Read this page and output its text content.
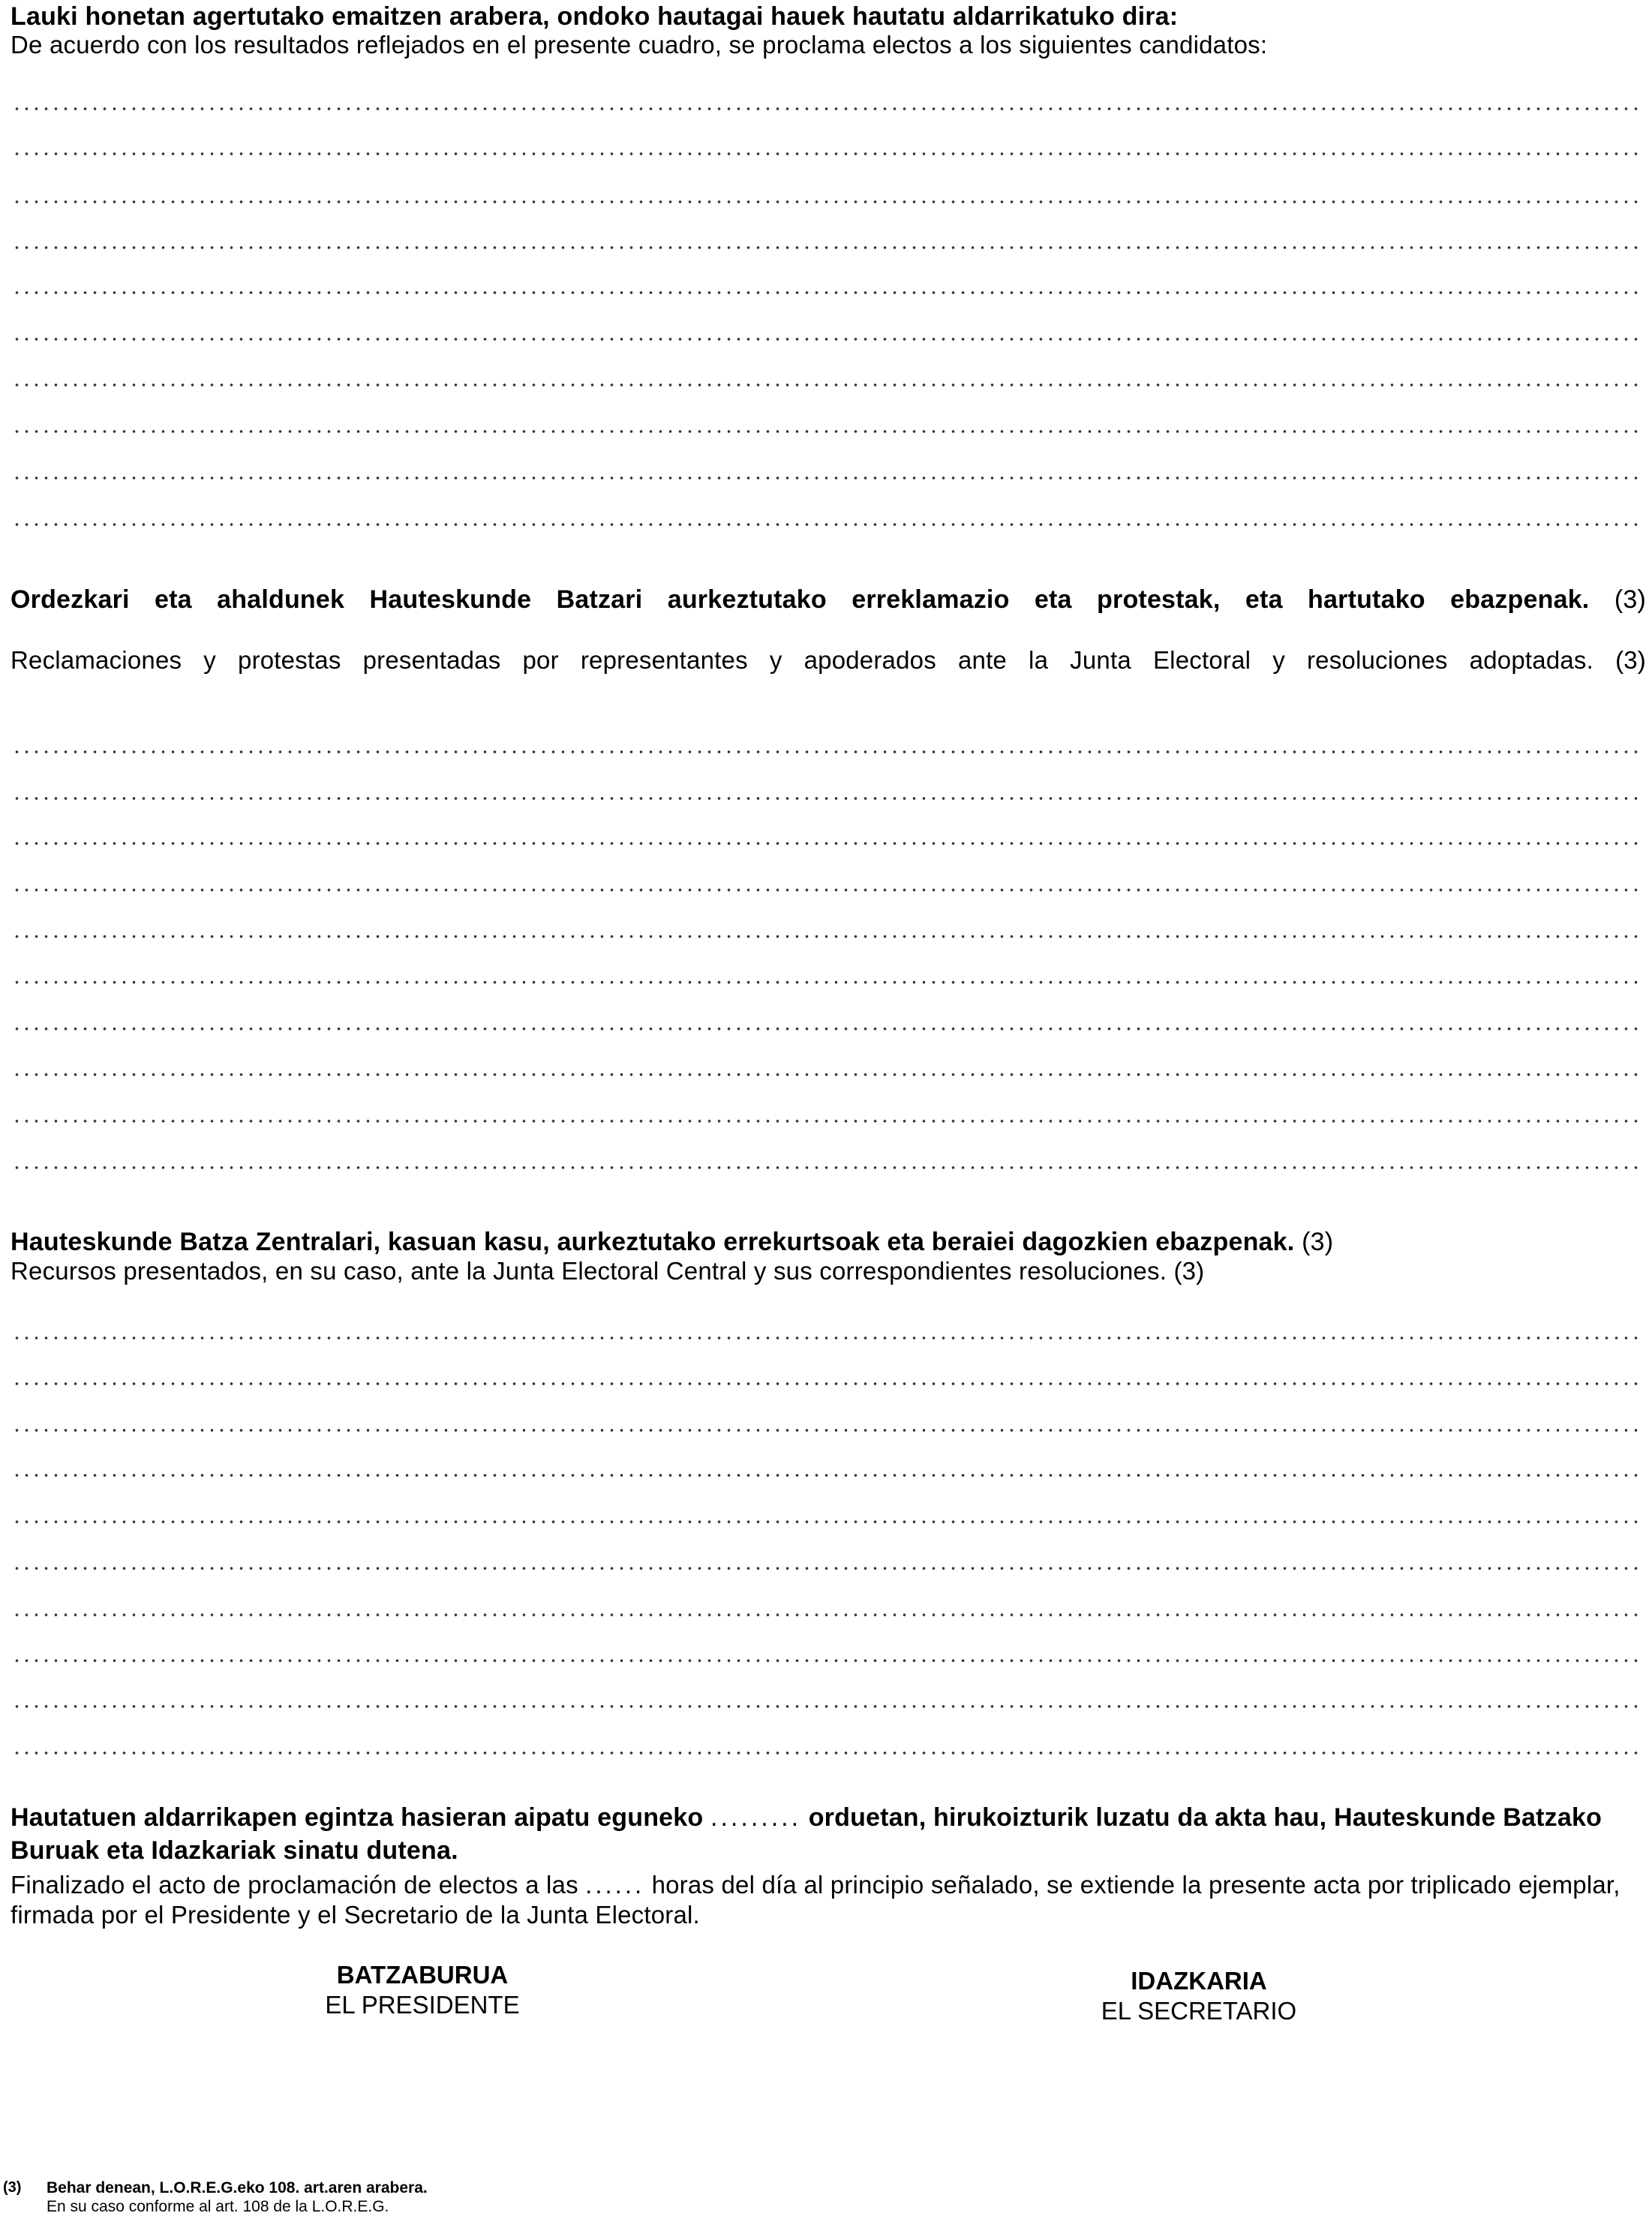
Lauki honetan agertutako emaitzen arabera, ondoko hautagai hauek hautatu aldarrikatuko dira:
De acuerdo con los resultados reflejados en el presente cuadro, se proclama electos a los siguientes candidatos:
Ordezkari eta ahaldunek Hauteskunde Batzari aurkeztutako erreklamazio eta protestak, eta hartutako ebazpenak. (3)
Reclamaciones y protestas presentadas por representantes y apoderados ante la Junta Electoral y resoluciones adoptadas. (3)
Hauteskunde Batza Zentralari, kasuan kasu, aurkeztutako errekurtsoak eta beraiei dagozkien ebazpenak. (3)
Recursos presentados, en su caso, ante la Junta Electoral Central y sus correspondientes resoluciones. (3)
Hautatuen aldarrikapen egintza hasieran aipatu eguneko ......... orduetan, hirukoizturik luzatu da akta hau, Hauteskunde Batzako Buruak eta Idazkariak sinatu dutena.
Finalizado el acto de proclamación de electos a las ...... horas del día al principio señalado, se extiende la presente acta por triplicado ejemplar, firmada por el Presidente y el Secretario de la Junta Electoral.
BATZABURUA
EL PRESIDENTE
IDAZKARIA
EL SECRETARIO
(3) Behar denean, L.O.R.E.G.eko 108. art.aren arabera.
En su caso conforme al art. 108 de la L.O.R.E.G.
